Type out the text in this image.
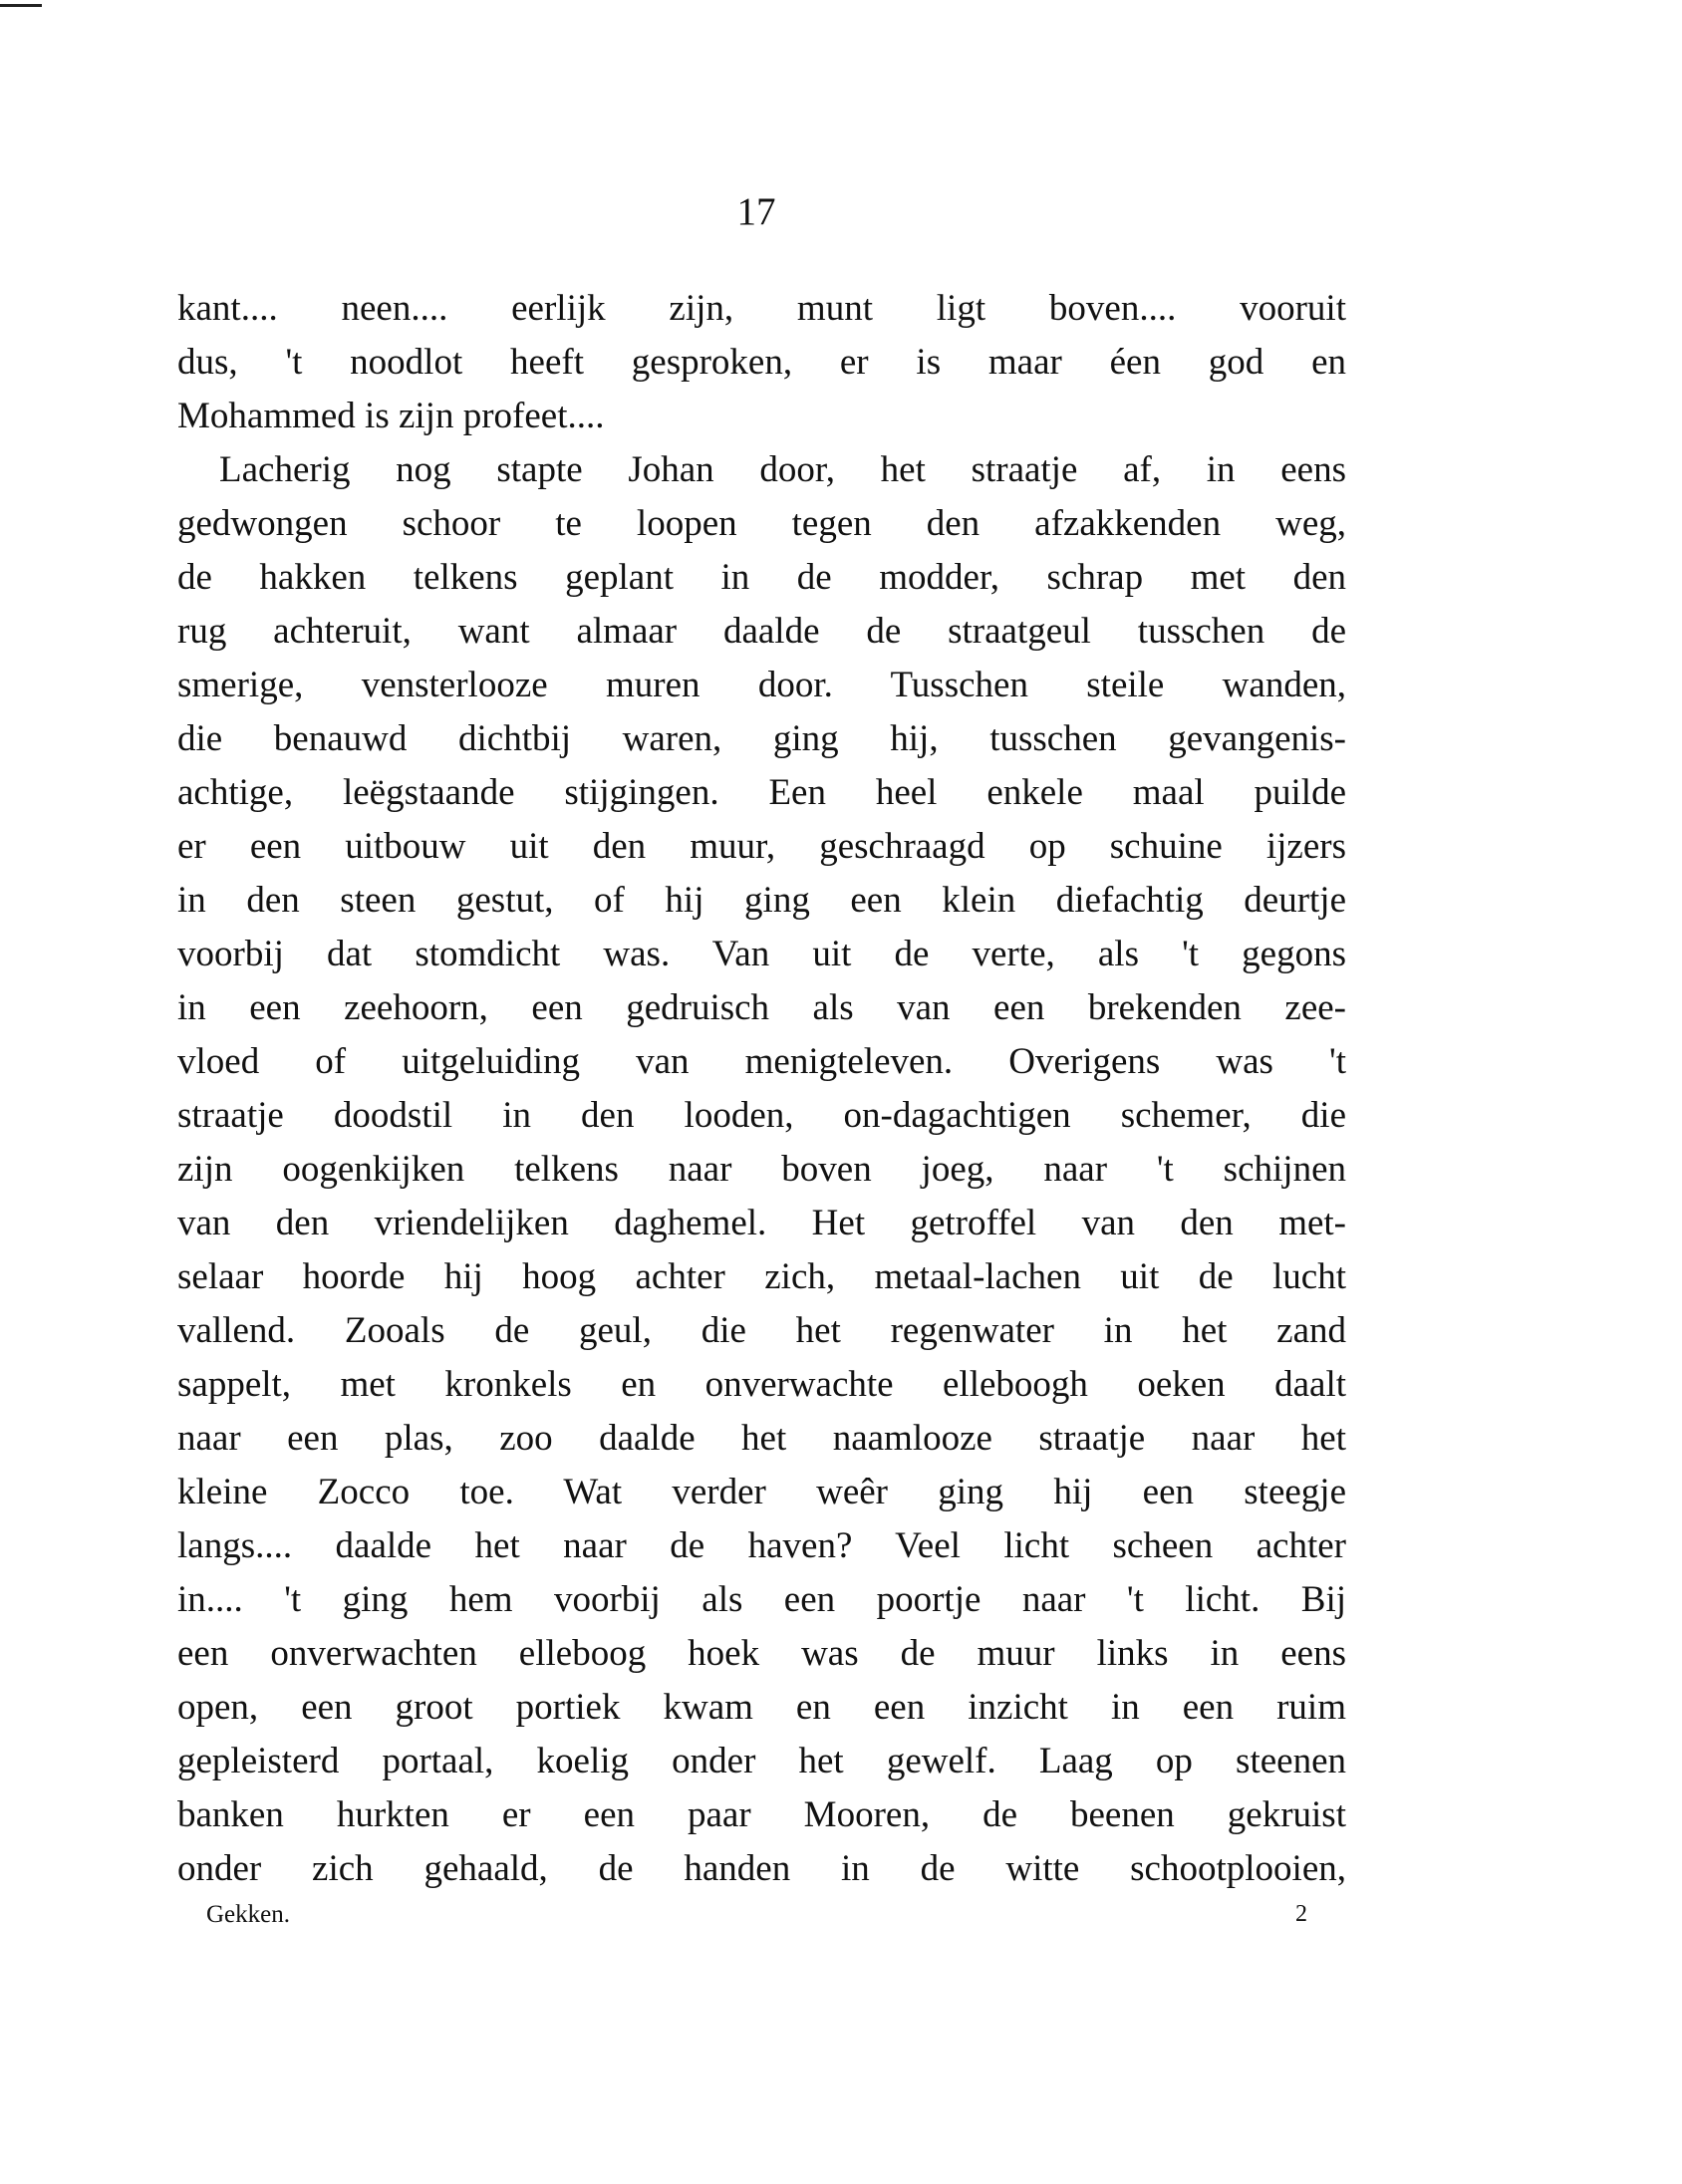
17
kant.... neen.... eerlijk zijn, munt ligt boven.... vooruit
dus, 't noodlot heeft gesproken, er is maar éen god en
Mohammed is zijn profeet....
Lacherig nog stapte Johan door, het straatje af, in eens
gedwongen schoor te loopen tegen den afzakkenden weg,
de hakken telkens geplant in de modder, schrap met den
rug achteruit, want almaar daalde de straatgeul tusschen de
smerige, vensterlooze muren door. Tusschen steile wanden,
die benauwd dichtbij waren, ging hij, tusschen gevangenis-
achtige, leëgstaande stijgingen. Een heel enkele maal puilde
er een uitbouw uit den muur, geschraagd op schuine ijzers
in den steen gestut, of hij ging een klein diefachtig deurtje
voorbij dat stomdicht was. Van uit de verte, als 't gegons
in een zeehoorn, een gedruisch als van een brekenden zee-
vloed of uitgeluiding van menigteleven. Overigens was 't
straatje doodstil in den looden, on-dagachtigen schemer, die
zijn oogenkijken telkens naar boven joeg, naar 't schijnen
van den vriendelijken daghemel. Het getroffel van den met-
selaar hoorde hij hoog achter zich, metaal-lachen uit de lucht
vallend. Zooals de geul, die het regenwater in het zand
sappelt, met kronkels en onverwachte elleboogh oeken daalt
naar een plas, zoo daalde het naamlooze straatje naar het
kleine Zocco toe. Wat verder weêr ging hij een steegje
langs.... daalde het naar de haven? Veel licht scheen achter
in.... 't ging hem voorbij als een poortje naar 't licht. Bij
een onverwachten elleboog hoek was de muur links in eens
open, een groot portiek kwam en een inzicht in een ruim
gepleisterd portaal, koelig onder het gewelf. Laag op steenen
banken hurkten er een paar Mooren, de beenen gekruist
onder zich gehaald, de handen in de witte schootplooien,
Gekken.	2
